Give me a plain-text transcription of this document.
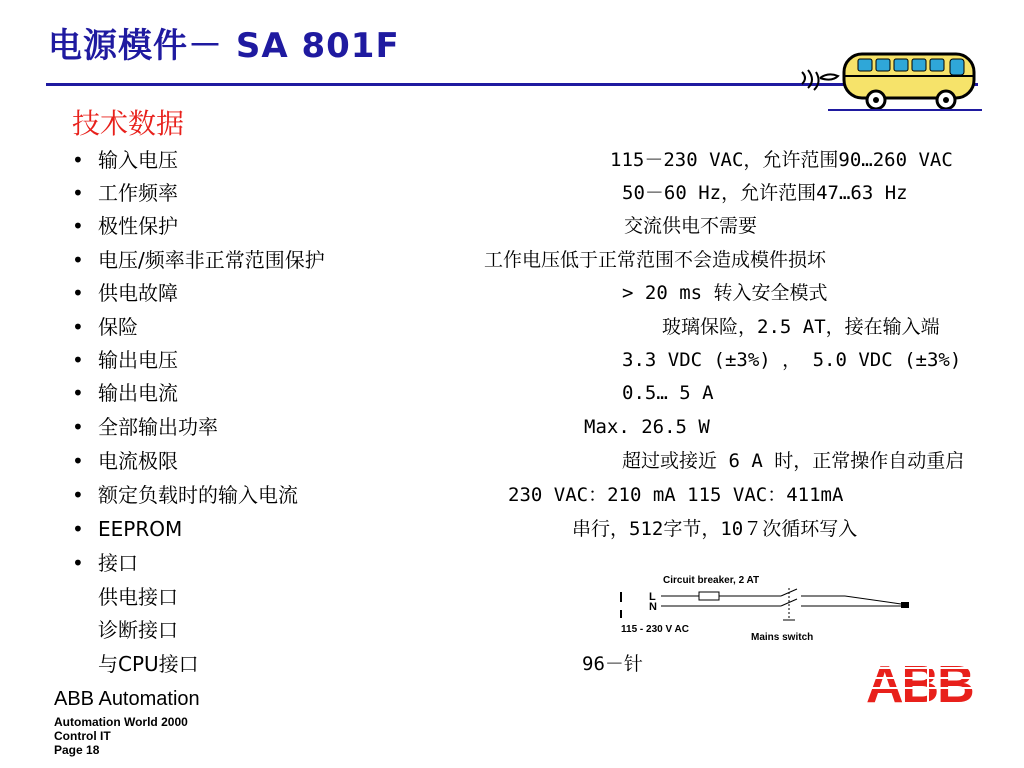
电源模件－ SA 801F
技术数据
• 输入电压	115－230 VAC，允许范围90…260 VAC
• 工作频率	50－60 Hz，允许范围47…63 Hz
• 极性保护	交流供电不需要
• 电压/频率非正常范围保护	工作电压低于正常范围不会造成模件损坏
• 供电故障	> 20 ms 转入安全模式
• 保险	玻璃保险，2.5 AT，接在输入端
• 输出电压	3.3 VDC (±3%) ， 5.0 VDC (±3%)
• 输出电流	0.5… 5 A
• 全部输出功率	Max. 26.5 W
• 电流极限	超过或接近 6 A 时，正常操作自动重启
• 额定负载时的输入电流	230 VAC：210 mA 115 VAC：411mA
• EEPROM	串行，512字节，10７次循环写入
• 接口
供电接口
诊断接口
与CPU接口	96－针
Circuit breaker, 2 AT
L
N
115 - 230 V AC
Mains switch
ABB Automation
Automation World 2000
Control IT
Page 18
ABB
